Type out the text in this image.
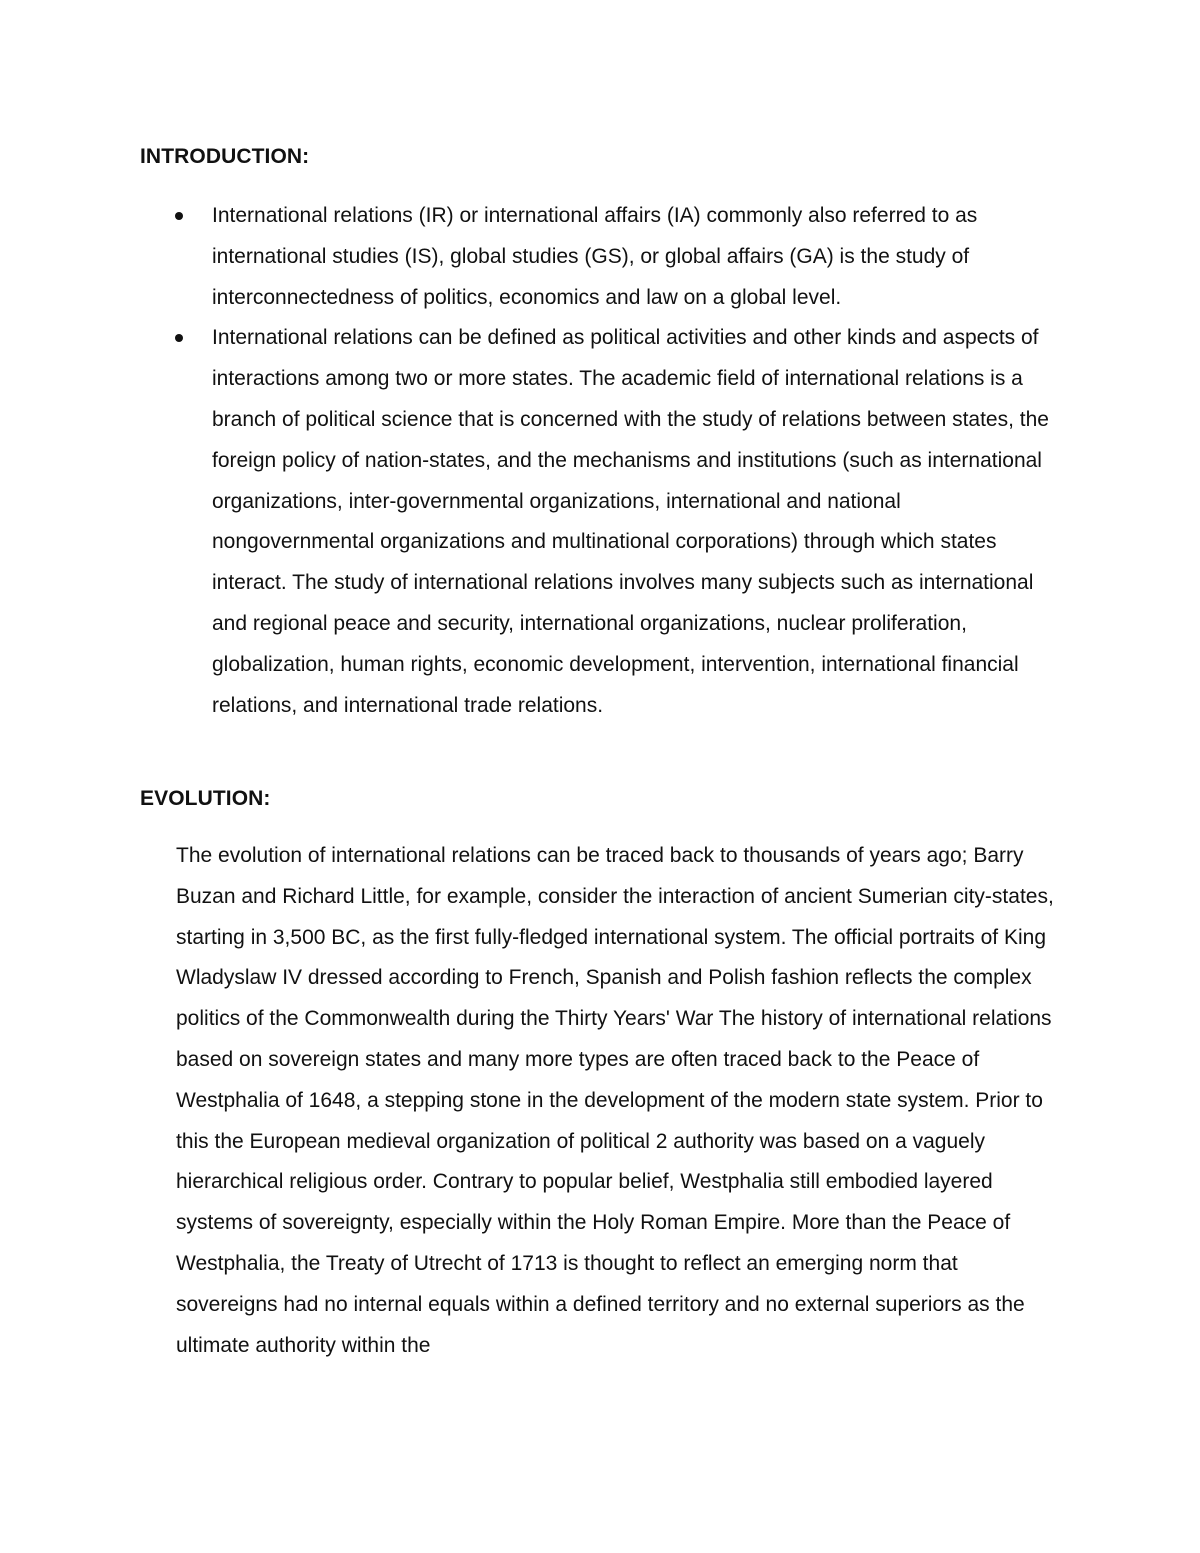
INTRODUCTION:

International relations (IR) or international affairs (IA) commonly also referred to as international studies (IS), global studies (GS), or global affairs (GA) is the study of interconnectedness of politics, economics and law on a global level.

International relations can be defined as political activities and other kinds and aspects of interactions among two or more states. The academic field of international relations is a branch of political science that is concerned with the study of relations between states, the foreign policy of nation-states, and the mechanisms and institutions (such as international organizations, inter-governmental organizations, international and national nongovernmental organizations and multinational corporations) through which states interact. The study of international relations involves many subjects such as international and regional peace and security, international organizations, nuclear proliferation, globalization, human rights, economic development, intervention, international financial relations, and international trade relations.

EVOLUTION:

The evolution of international relations can be traced back to thousands of years ago; Barry Buzan and Richard Little, for example, consider the interaction of ancient Sumerian city-states, starting in 3,500 BC, as the first fully-fledged international system. The official portraits of King Wladyslaw IV dressed according to French, Spanish and Polish fashion reflects the complex politics of the Commonwealth during the Thirty Years' War The history of international relations based on sovereign states and many more types are often traced back to the Peace of Westphalia of 1648, a stepping stone in the development of the modern state system. Prior to this the European medieval organization of political 2 authority was based on a vaguely hierarchical religious order. Contrary to popular belief, Westphalia still embodied layered systems of sovereignty, especially within the Holy Roman Empire. More than the Peace of Westphalia, the Treaty of Utrecht of 1713 is thought to reflect an emerging norm that sovereigns had no internal equals within a defined territory and no external superiors as the ultimate authority within the
